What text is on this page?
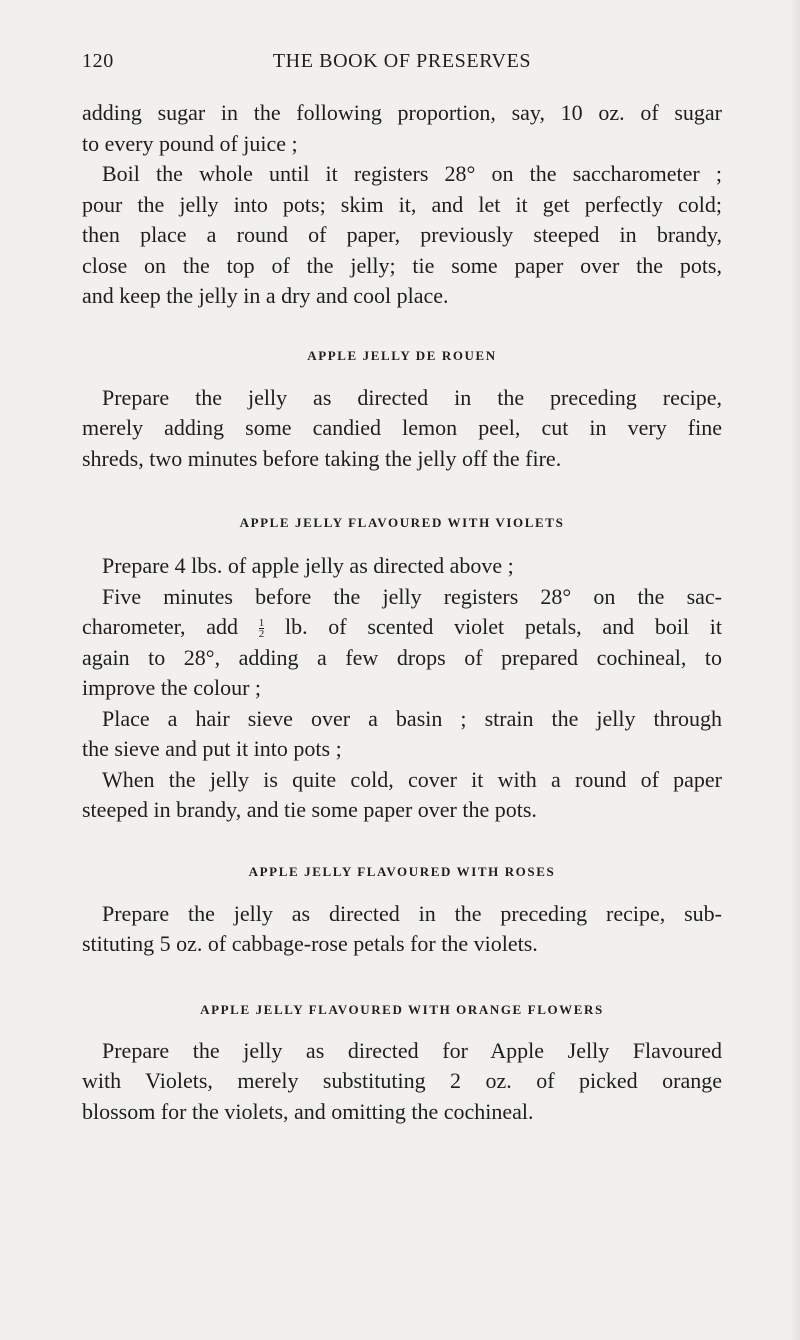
120	THE BOOK OF PRESERVES
adding sugar in the following proportion, say, 10 oz. of sugar
to every pound of juice ;
Boil the whole until it registers 28° on the saccharometer ;
pour the jelly into pots; skim it, and let it get perfectly cold;
then place a round of paper, previously steeped in brandy,
close on the top of the jelly; tie some paper over the pots,
and keep the jelly in a dry and cool place.
APPLE JELLY DE ROUEN
Prepare the jelly as directed in the preceding recipe,
merely adding some candied lemon peel, cut in very fine
shreds, two minutes before taking the jelly off the fire.
APPLE JELLY FLAVOURED WITH VIOLETS
Prepare 4 lbs. of apple jelly as directed above ;
Five minutes before the jelly registers 28° on the sac-
charometer, add $\frac{1}{2}$ lb. of scented violet petals, and boil it
again to 28°, adding a few drops of prepared cochineal, to
improve the colour ;
Place a hair sieve over a basin ; strain the jelly through
the sieve and put it into pots ;
When the jelly is quite cold, cover it with a round of paper
steeped in brandy, and tie some paper over the pots.
APPLE JELLY FLAVOURED WITH ROSES
Prepare the jelly as directed in the preceding recipe, sub-
stituting 5 oz. of cabbage-rose petals for the violets.
APPLE JELLY FLAVOURED WITH ORANGE FLOWERS
Prepare the jelly as directed for Apple Jelly Flavoured
with Violets, merely substituting 2 oz. of picked orange
blossom for the violets, and omitting the cochineal.
